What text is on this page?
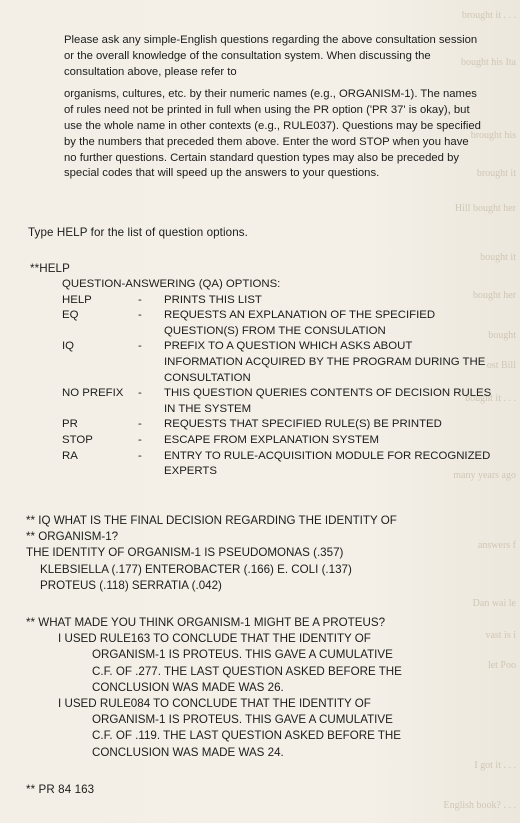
brought it . . .
bought his Ita
brought his
brought it
Hill bought her
bought it
bought her
bought
ost Bill
bought it . . .
many years ago
answers f
Dan wai le
vast is i
let Poo
I got it . . .
English book? . . .

Please ask any simple-English questions regarding the above consultation session or the overall knowledge of the consultation system. When discussing the consultation above, please refer to

organisms, cultures, etc. by their numeric names (e.g., ORGANISM-1). The names of rules need not be printed in full when using the PR option ('PR 37' is okay), but use the whole name in other contexts (e.g., RULE037). Questions may be specified by the numbers that preceded them above. Enter the word STOP when you have no further questions. Certain standard question types may also be preceded by special codes that will speed up the answers to your questions.

Type HELP for the list of question options.
**HELP
QUESTION-ANSWERING (QA) OPTIONS:
HELP	-	PRINTS THIS LIST
EQ	-	REQUESTS AN EXPLANATION OF THE SPECIFIED QUESTION(S) FROM THE CONSULATION
IQ	-	PREFIX TO A QUESTION WHICH ASKS ABOUT INFORMATION ACQUIRED BY THE PROGRAM DURING THE CONSULTATION
NO PREFIX	-	THIS QUESTION QUERIES CONTENTS OF DECISION RULES IN THE SYSTEM
PR	-	REQUESTS THAT SPECIFIED RULE(S) BE PRINTED
STOP	-	ESCAPE FROM EXPLANATION SYSTEM
RA	-	ENTRY TO RULE-ACQUISITION MODULE FOR RECOGNIZED EXPERTS
** IQ WHAT IS THE FINAL DECISION REGARDING THE IDENTITY OF
** ORGANISM-1?
THE IDENTITY OF ORGANISM-1 IS PSEUDOMONAS (.357)
KLEBSIELLA (.177) ENTEROBACTER (.166) E. COLI (.137)
PROTEUS (.118) SERRATIA (.042)
** WHAT MADE YOU THINK ORGANISM-1 MIGHT BE A PROTEUS?
I USED RULE163 TO CONCLUDE THAT THE IDENTITY OF
ORGANISM-1 IS PROTEUS. THIS GAVE A CUMULATIVE
C.F. OF .277. THE LAST QUESTION ASKED BEFORE THE
CONCLUSION WAS MADE WAS 26.
I USED RULE084 TO CONCLUDE THAT THE IDENTITY OF
ORGANISM-1 IS PROTEUS. THIS GAVE A CUMULATIVE
C.F. OF .119. THE LAST QUESTION ASKED BEFORE THE
CONCLUSION WAS MADE WAS 24.
** PR 84 163
